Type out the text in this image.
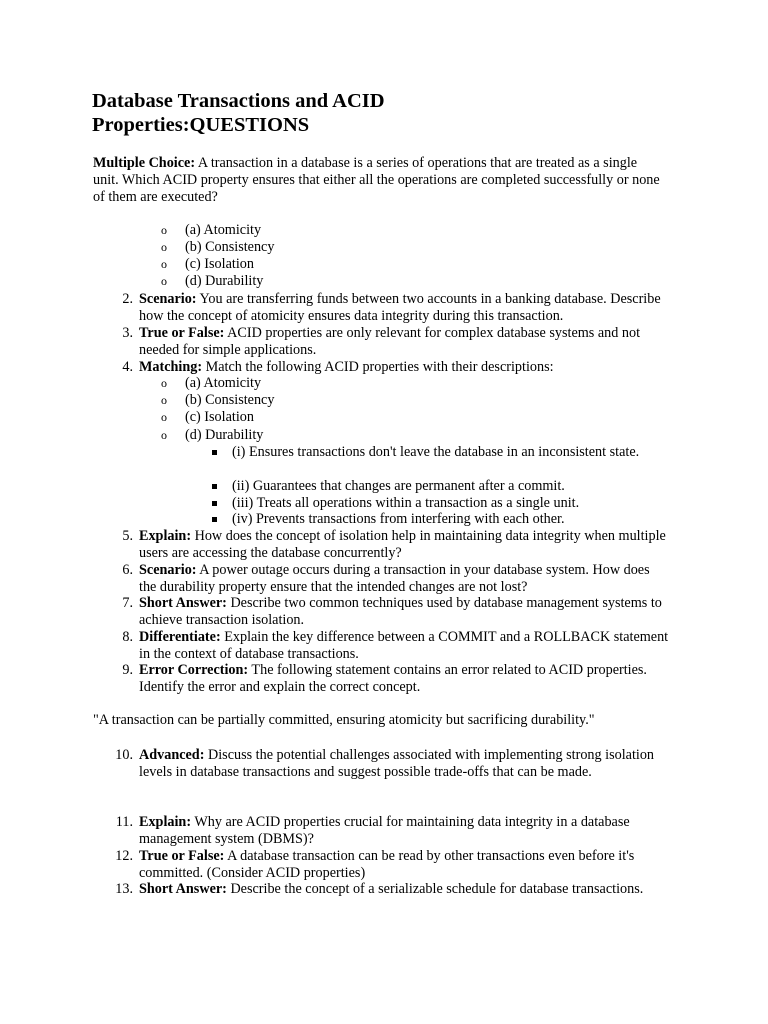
Database Transactions and ACID
Properties:QUESTIONS

Multiple Choice: A transaction in a database is a series of operations that are treated as a single unit. Which ACID property ensures that either all the operations are completed successfully or none of them are executed?

o (a) Atomicity

o (b) Consistency

o (c) Isolation

o (d) Durability

2. Scenario: You are transferring funds between two accounts in a banking database. Describe how the concept of atomicity ensures data integrity during this transaction.

3. True or False: ACID properties are only relevant for complex database systems and not needed for simple applications.

4. Matching: Match the following ACID properties with their descriptions:

o (a) Atomicity

o (b) Consistency

o (c) Isolation

o (d) Durability

(i) Ensures transactions don't leave the database in an inconsistent state.

(ii) Guarantees that changes are permanent after a commit.

(iii) Treats all operations within a transaction as a single unit.

(iv) Prevents transactions from interfering with each other.

5. Explain: How does the concept of isolation help in maintaining data integrity when multiple users are accessing the database concurrently?

6. Scenario: A power outage occurs during a transaction in your database system. How does the durability property ensure that the intended changes are not lost?

7. Short Answer: Describe two common techniques used by database management systems to achieve transaction isolation.

8. Differentiate: Explain the key difference between a COMMIT and a ROLLBACK statement in the context of database transactions.

9. Error Correction: The following statement contains an error related to ACID properties. Identify the error and explain the correct concept.

"A transaction can be partially committed, ensuring atomicity but sacrificing durability."

10. Advanced: Discuss the potential challenges associated with implementing strong isolation levels in database transactions and suggest possible trade-offs that can be made.

11. Explain: Why are ACID properties crucial for maintaining data integrity in a database management system (DBMS)?

12. True or False: A database transaction can be read by other transactions even before it's committed. (Consider ACID properties)

13. Short Answer: Describe the concept of a serializable schedule for database transactions.
